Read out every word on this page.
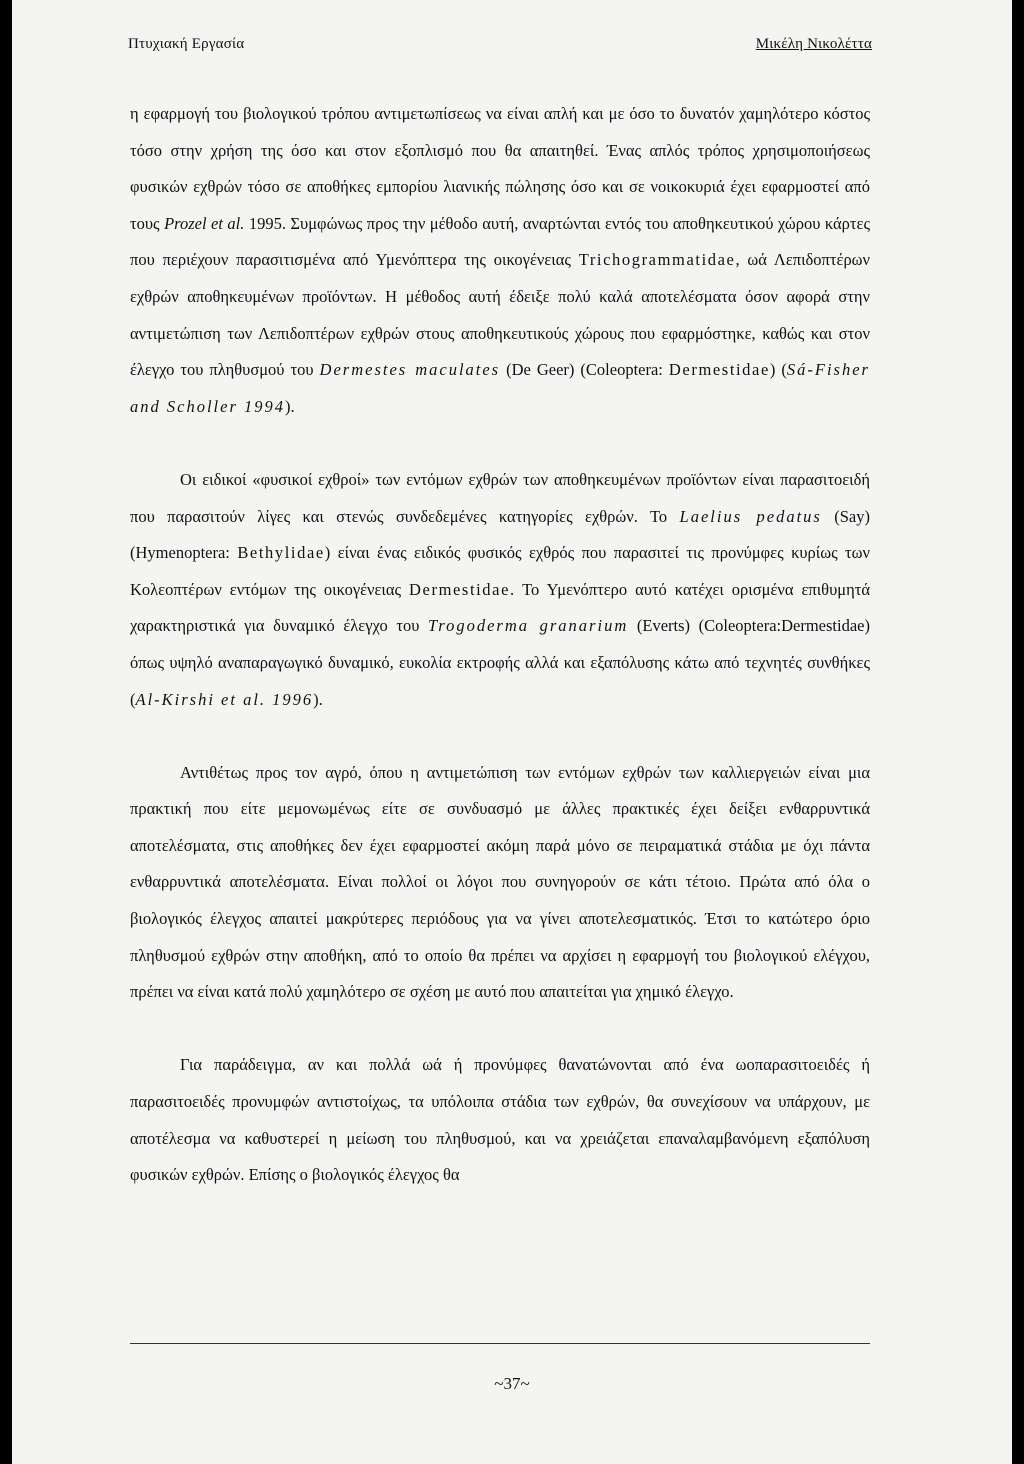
Πτυχιακή Εργασία	Μικέλη Νικολέττα

η εφαρμογή του βιολογικού τρόπου αντιμετωπίσεως να είναι απλή και με όσο το δυνατόν χαμηλότερο κόστος τόσο στην χρήση της όσο και στον εξοπλισμό που θα απαιτηθεί. Ένας απλός τρόπος χρησιμοποιήσεως φυσικών εχθρών τόσο σε αποθήκες εμπορίου λιανικής πώλησης όσο και σε νοικοκυριά έχει εφαρμοστεί από τους Prozel et al. 1995. Συμφώνως προς την μέθοδο αυτή, αναρτώνται εντός του αποθηκευτικού χώρου κάρτες που περιέχουν παρασιτισμένα από Υμενόπτερα της οικογένειας Trichogrammatidae, ωά Λεπιδοπτέρων εχθρών αποθηκευμένων προϊόντων. Η μέθοδος αυτή έδειξε πολύ καλά αποτελέσματα όσον αφορά στην αντιμετώπιση των Λεπιδοπτέρων εχθρών στους αποθηκευτικούς χώρους που εφαρμόστηκε, καθώς και στον έλεγχο του πληθυσμού του Dermestes maculates (De Geer) (Coleoptera: Dermestidae) (Sá-Fisher and Scholler 1994).

Οι ειδικοί «φυσικοί εχθροί» των εντόμων εχθρών των αποθηκευμένων προϊόντων είναι παρασιτοειδή που παρασιτούν λίγες και στενώς συνδεδεμένες κατηγορίες εχθρών. Το Laelius pedatus (Say) (Hymenoptera: Bethylidae) είναι ένας ειδικός φυσικός εχθρός που παρασιτεί τις προνύμφες κυρίως των Κολεοπτέρων εντόμων της οικογένειας Dermestidae. Το Υμενόπτερο αυτό κατέχει ορισμένα επιθυμητά χαρακτηριστικά για δυναμικό έλεγχο του Trogoderma granarium (Everts) (Coleoptera:Dermestidae) όπως υψηλό αναπαραγωγικό δυναμικό, ευκολία εκτροφής αλλά και εξαπόλυσης κάτω από τεχνητές συνθήκες (Al-Kirshi et al. 1996).

Αντιθέτως προς τον αγρό, όπου η αντιμετώπιση των εντόμων εχθρών των καλλιεργειών είναι μια πρακτική που είτε μεμονωμένως είτε σε συνδυασμό με άλλες πρακτικές έχει δείξει ενθαρρυντικά αποτελέσματα, στις αποθήκες δεν έχει εφαρμοστεί ακόμη παρά μόνο σε πειραματικά στάδια με όχι πάντα ενθαρρυντικά αποτελέσματα. Είναι πολλοί οι λόγοι που συνηγορούν σε κάτι τέτοιο. Πρώτα από όλα ο βιολογικός έλεγχος απαιτεί μακρύτερες περιόδους για να γίνει αποτελεσματικός. Έτσι το κατώτερο όριο πληθυσμού εχθρών στην αποθήκη, από το οποίο θα πρέπει να αρχίσει η εφαρμογή του βιολογικού ελέγχου, πρέπει να είναι κατά πολύ χαμηλότερο σε σχέση με αυτό που απαιτείται για χημικό έλεγχο.

Για παράδειγμα, αν και πολλά ωά ή προνύμφες θανατώνονται από ένα ωοπαρασιτοειδές ή παρασιτοειδές προνυμφών αντιστοίχως, τα υπόλοιπα στάδια των εχθρών, θα συνεχίσουν να υπάρχουν, με αποτέλεσμα να καθυστερεί η μείωση του πληθυσμού, και να χρειάζεται επαναλαμβανόμενη εξαπόλυση φυσικών εχθρών. Επίσης ο βιολογικός έλεγχος θα

~37~
